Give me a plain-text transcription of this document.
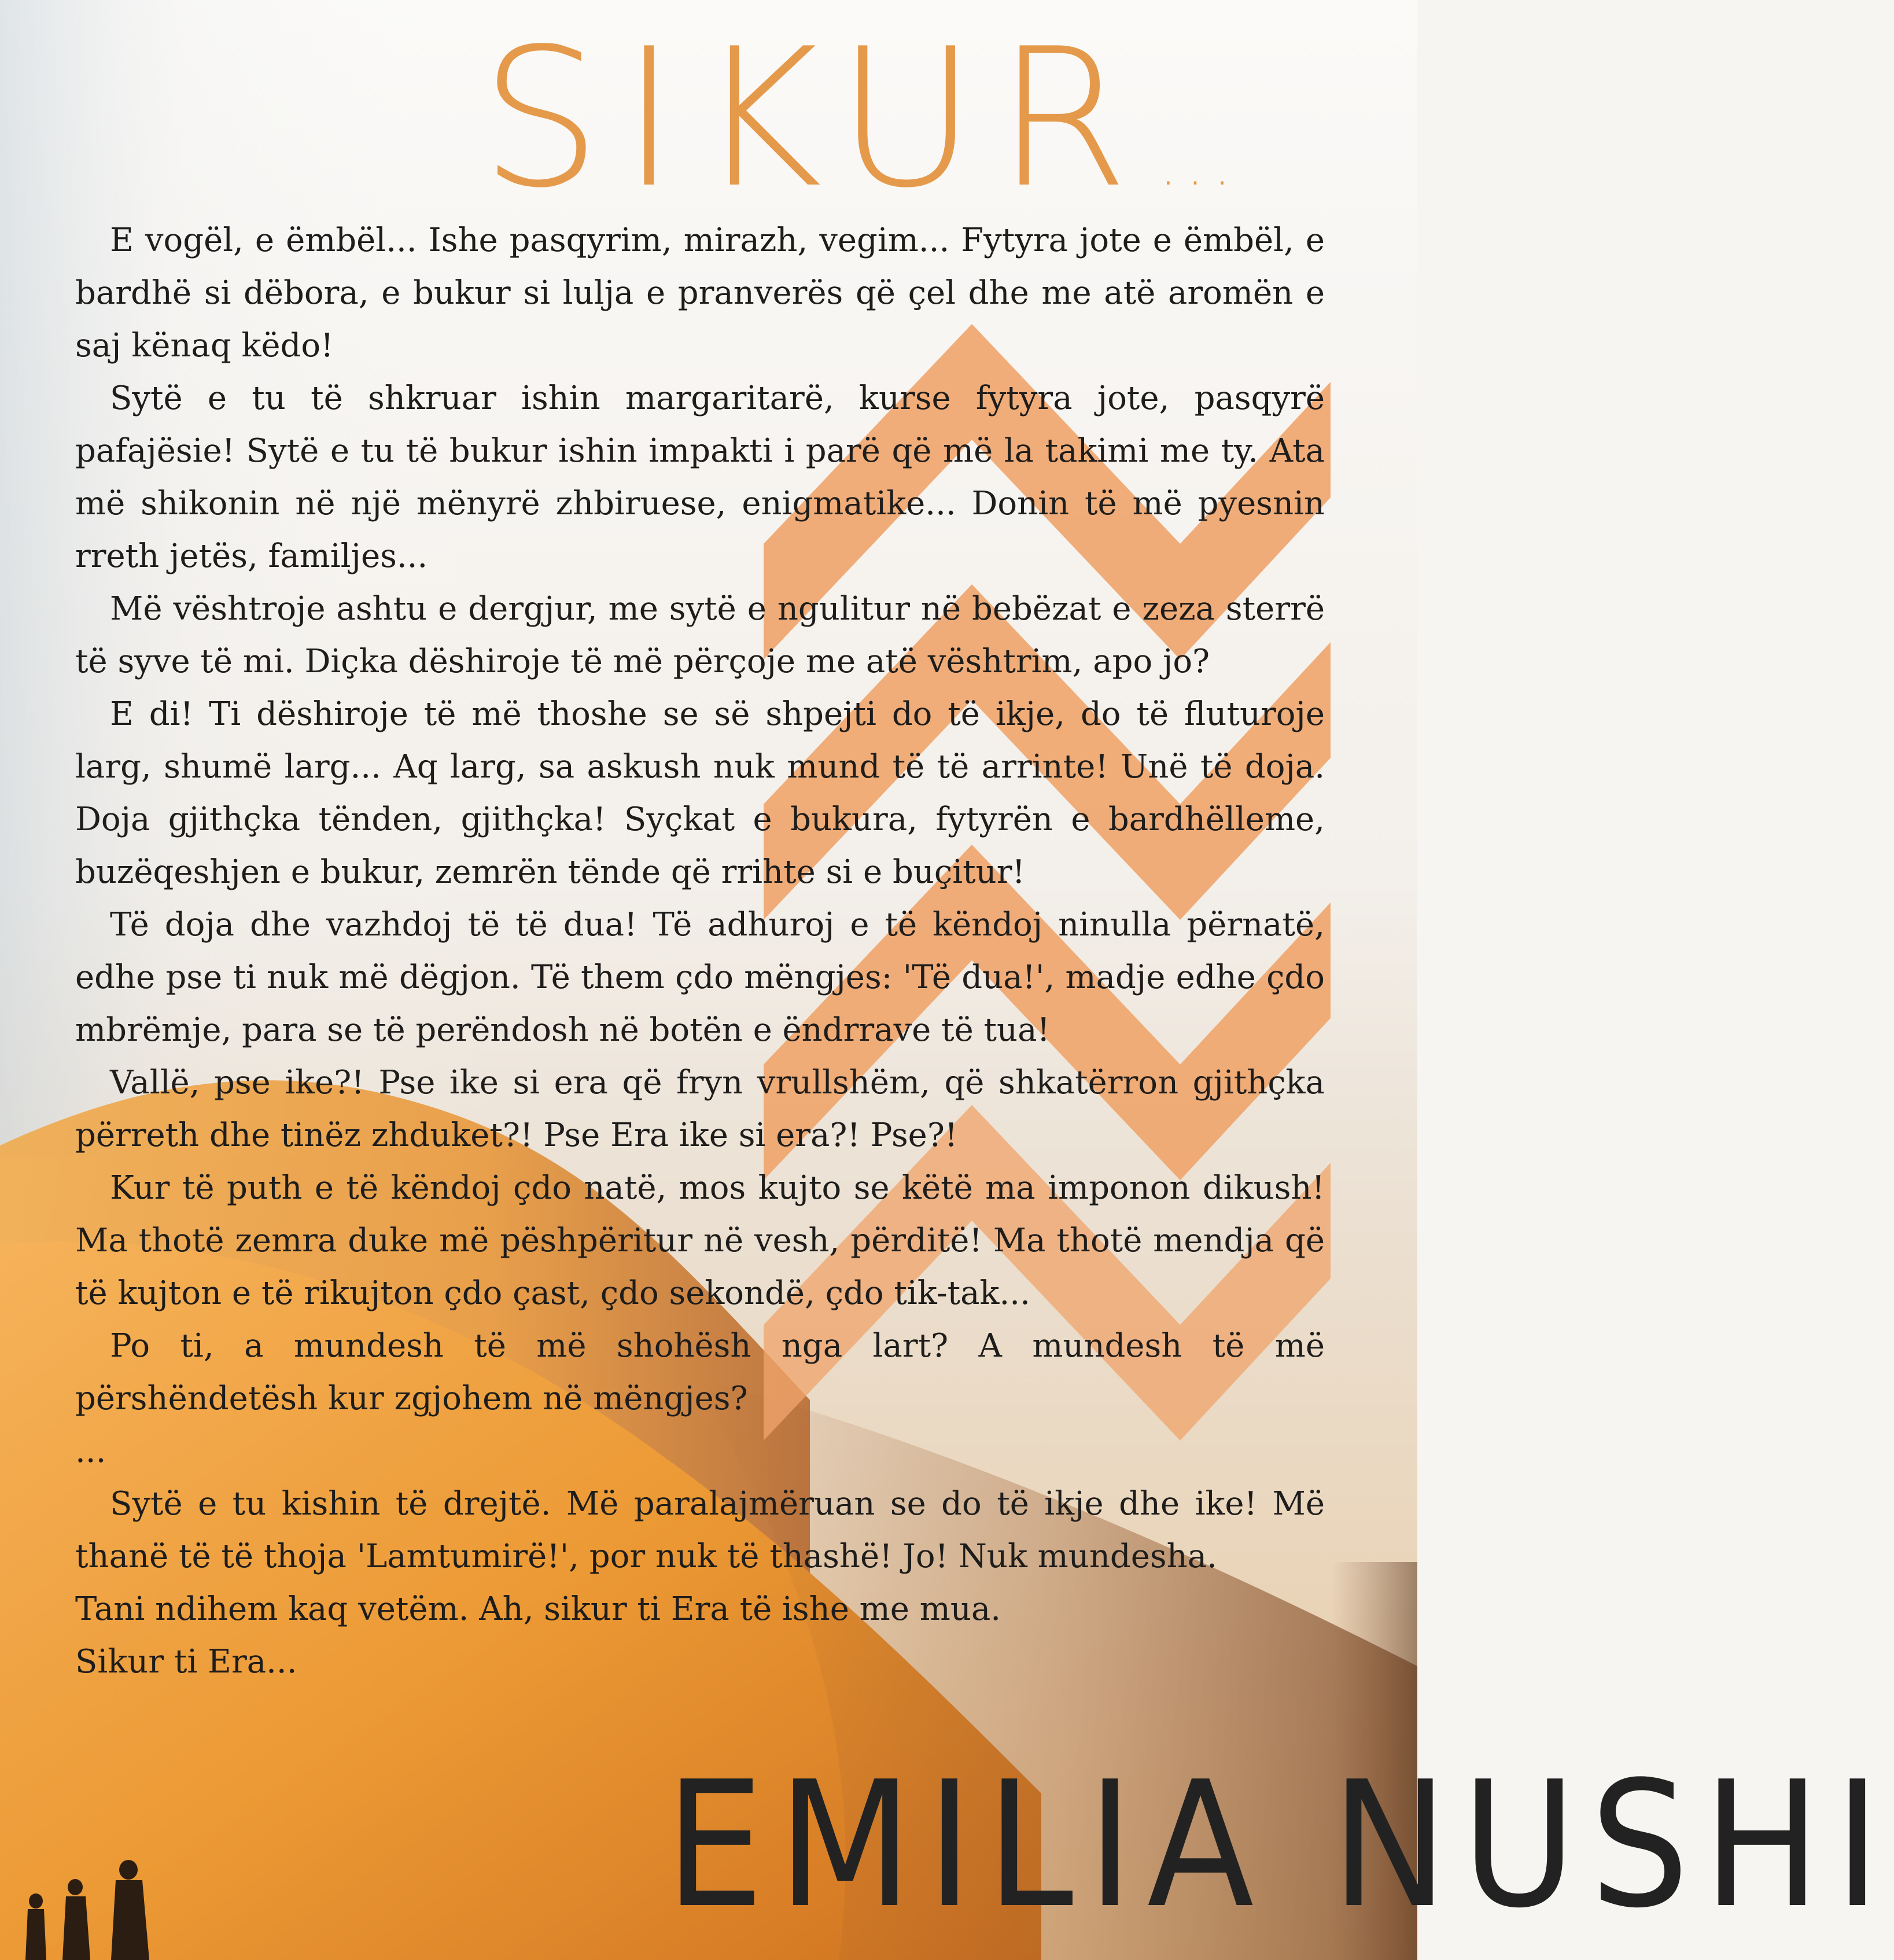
SIKUR ...

E vogël, e ëmbël... Ishe pasqyrim, mirazh, vegim... Fytyra jote e ëmbël, e bardhë si dëbora, e bukur si lulja e pranverës që çel dhe me atë aromën e saj kënaq këdo!

Sytë e tu të shkruar ishin margaritarë, kurse fytyra jote, pasqyrë pafajësie! Sytë e tu të bukur ishin impakti i parë që më la takimi me ty. Ata më shikonin në një mënyrë zhbiruese, enigmatike... Donin të më pyesnin rreth jetës, familjes...

Më vështroje ashtu e dergjur, me sytë e ngulitur në bebëzat e zeza sterrë të syve të mi. Diçka dëshiroje të më përçoje me atë vështrim, apo jo?

E di! Ti dëshiroje të më thoshe se së shpejti do të ikje, do të fluturoje larg, shumë larg... Aq larg, sa askush nuk mund të të arrinte! Unë të doja. Doja gjithçka tënden, gjithçka! Syçkat e bukura, fytyrën e bardhëlleme, buzëqeshjen e bukur, zemrën tënde që rrihte si e buçitur!

Të doja dhe vazhdoj të të dua! Të adhuroj e të këndoj ninulla përnatë, edhe pse ti nuk më dëgjon. Të them çdo mëngjes: 'Të dua!', madje edhe çdo mbrëmje, para se të perëndosh në botën e ëndrrave të tua!

Vallë, pse ike?! Pse ike si era që fryn vrullshëm, që shkatërron gjithçka përreth dhe tinëz zhduket?! Pse Era ike si era?! Pse?!

Kur të puth e të këndoj çdo natë, mos kujto se këtë ma imponon dikush! Ma thotë zemra duke më pëshpëritur në vesh, përditë! Ma thotë mendja që të kujton e të rikujton çdo çast, çdo sekondë, çdo tik-tak...

Po ti, a mundesh të më shohësh nga lart? A mundesh të më përshëndetësh kur zgjohem në mëngjes?

...

Sytë e tu kishin të drejtë. Më paralajmëruan se do të ikje dhe ike! Më thanë të të thoja 'Lamtumirë!', por nuk të thashë! Jo! Nuk mundesha.

Tani ndihem kaq vetëm. Ah, sikur ti Era të ishe me mua.

Sikur ti Era...

EMILIA NUSHI
